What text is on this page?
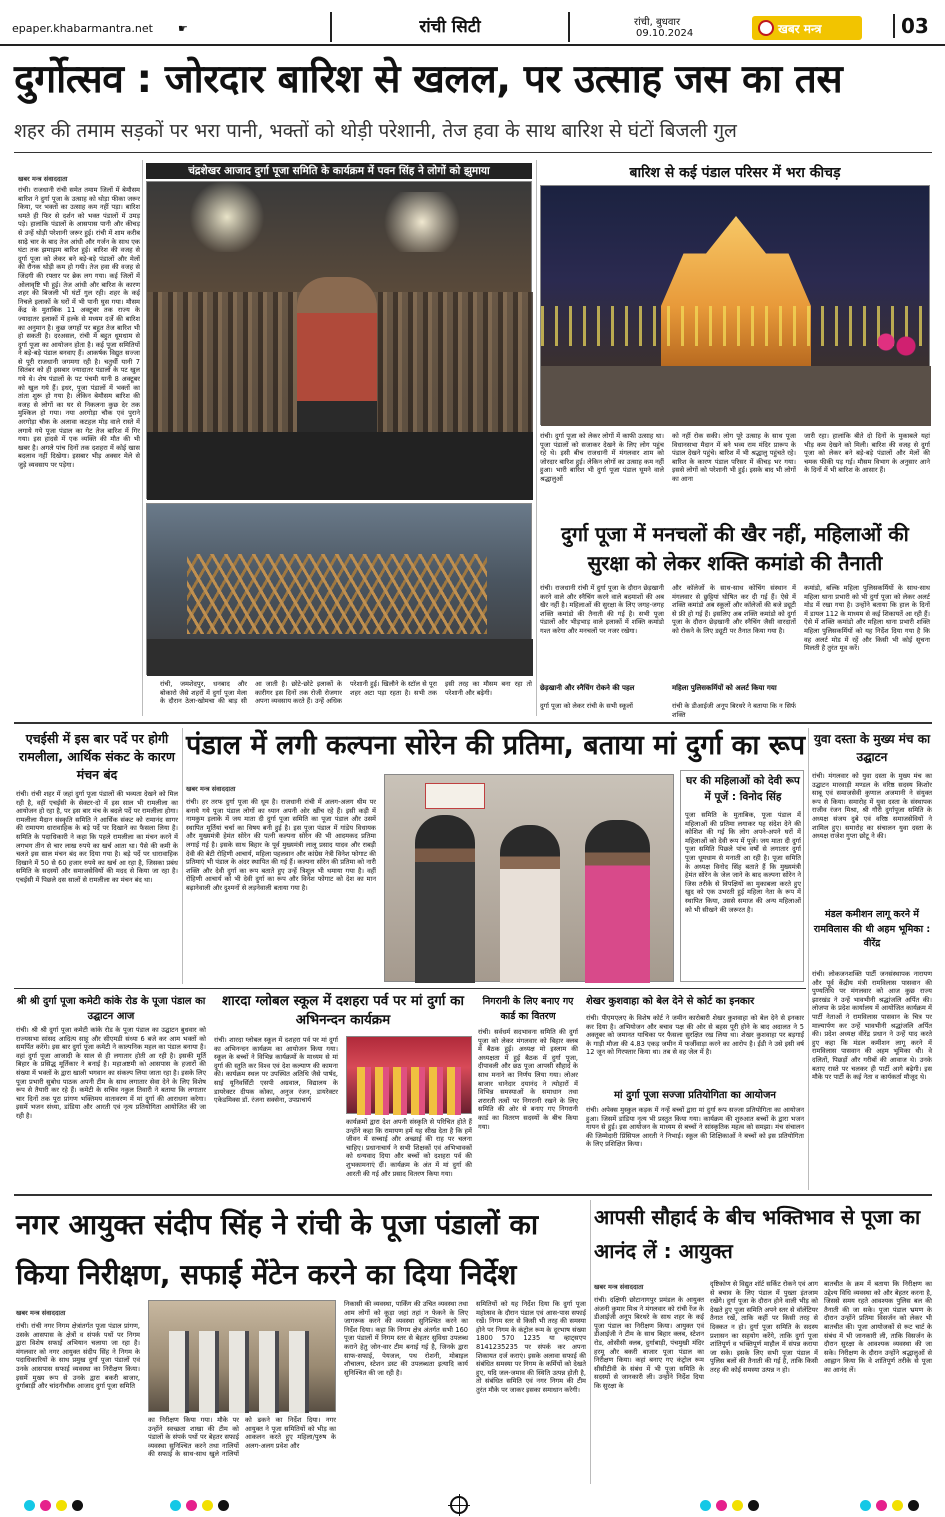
epaper.khabarmantra.net ☛	रांची सिटी	रांची, बुधवार
09.10.2024	खबर मन्त्र	03
दुर्गोत्सव : जोरदार बारिश से खलल, पर उत्साह जस का तस
शहर की तमाम सड़कों पर भरा पानी, भक्तों को थोड़ी परेशानी, तेज हवा के साथ बारिश से घंटों बिजली गुल
खबर मन्त्र संवाददाता
रांची। राजधानी रांची समेत तमाम जिलों में बेमौसम बारिश ने दुर्गा पूजा के उत्साह को थोड़ा फीका जरूर किया, पर भक्तों का उत्साह कम नहीं पड़ा। बारिश थमते ही फिर से दर्शन को भक्त पंडालों में उमड़ पड़े। हालांकि पंडालों के आसपास पानी और कीचड़ से उन्हें थोड़ी परेशानी जरूर हुई। रांची में शाम करीब साढ़े चार के बाद तेज आंधी और गर्जन के साथ एक घंटा तक झमाझम बारिश हुई। बारिश की वजह से दुर्गा पूजा को लेकर बने बड़े-बड़े पंडालों और मेलों की रौनक थोड़ी कम हो गयी। तेज हवा की वजह से जिंदगी की रफ्तार पर ब्रेक लग गया। कई जिलों में ओलावृष्टि भी हुई। तेज आंधी और बारिश के कारण शहर की बिजली भी घंटों गुल रही। शहर के कई निचले इलाकों के घरों में भी पानी घुस गया। मौसम केंद्र के मुताबिक 11 अक्टूबर तक राज्य के ज्यादातर इलाकों में हल्के से मध्यम दर्जे की बारिश का अनुमान है। कुछ जगहों पर बहुत तेज बारिश भी हो सकती है। दरअसल, रांची में बहुत धूमधाम से दुर्गा पूजा का आयोजन होता है। कई पूजा समितियों ने बड़े-बड़े पंडाल बनवाए हैं। आकर्षक विद्युत सज्जा से पूरी राजधानी जगमगा रही है। चतुर्थी यानी 7 सितंबर को ही इसबार ज्यादातर पंडालों के पट खुल गये थे। शेष पंडालों के पट पंचमी यानी 8 अक्टूबर को खुल गये हैं। इधर, पूजा पंडालों में भक्तों का तांता शुरू हो गया है। लेकिन बेमौसम बारिश की वजह से लोगों का घर से निकलना कुछ देर तक मुश्किल हो गया। नया अरगोड़ा चौक एवं पुराने अरगोड़ा चौक के अलावा कटहल मोड़ वाले रास्ते में लगाये गये पूजा पंडाल का गेट तेज बारिश में गिर गया। इस हादसे में एक व्यक्ति की मौत की भी खबर है। अगले पांच दिनों तक दशहरा में कोई खास बदलाव नहीं दिखेगा। इसबार भीड़ अक्सर मेले से जुड़े व्यवसाय पर पड़ेगा।
चंद्रशेखर आजाद दुर्गा पूजा समिति के कार्यक्रम में पवन सिंह ने लोगों को झुमाया	बारिश से कई पंडाल परिसर में भरा कीचड़
रांची। दुर्गा पूजा को लेकर लोगों में काफी उत्साह था। पूजा पंडालों को सजाकर देखने के लिए लोग पहुंच रहे थे। इसी बीच राजधानी में मंगलवार शाम को जोरदार बारिश हुई। लेकिन लोगों का उत्साह कम नहीं हुआ। भारी बारिश भी दुर्गा पूजा पंडाल घूमने वाले श्रद्धालुओं
को नहीं रोक सकी। लोग पूरे उत्साह के साथ पूजा विधानसभा मैदान में बने भव्य राम मंदिर प्रारूप के पंडाल देखने पहुंचे। बारिश में भी श्रद्धालु पहुंचते रहे। बारिश के कारण पंडाल परिसर में कीचड़ भर गया। इससे लोगों को परेशानी भी हुई। इसके बाद भी लोगों का आना
जारी रहा। हालांकि बीते दो दिनों के मुकाबले यहां भीड़ कम देखने को मिली। बारिश की वजह से दुर्गा पूजा को लेकर बने बड़े-बड़े पंडालों और मेलों की चमक फीकी पड़ गई। मौसम विभाग के अनुसार आने के दिनों में भी बारिश के आसार हैं।
रांची, जमशेदपुर, धनबाद और बोकारो जैसे शहरों में दुर्गा पूजा मेला के दौरान ठेला-खोमचा की बाड़ सी आ जाती है। छोटे-छोटे इलाकों के कारीगर इस दिनों तक रोजी रोजगार अपना व्यवसाय करते हैं। उन्हें अधिक परेशानी हुई। खिलौने के स्टॉल से पूरा शहर अटा पड़ा रहता है। सभी तक इसी तरह का मौसम बना रहा तो परेशानी और बढ़ेगी।
दुर्गा पूजा में मनचलों की खैर नहीं, महिलाओं की सुरक्षा को लेकर शक्ति कमांडो की तैनाती
रांची। राजधानी रांची में दुर्गा पूजा के दौरान छेड़खानी करने वाले और स्नैचिंग करने वाले बदमाशों की अब खैर नहीं है। महिलाओं की सुरक्षा के लिए जगह-जगह शक्ति कमांडो की तैनाती की गई है। सभी पूजा पंडालों और भीड़भाड़ वाले इलाकों में शक्ति कमांडो गश्त करेगा और मनचलों पर नजर रखेगा।
छेड़खानी और स्नैचिंग रोकने की पहल
दुर्गा पूजा को लेकर रांची के सभी स्कूलों
और कॉलेजों के साथ-साथ कोचिंग संस्थान में मंगलवार से छुट्टियां घोषित कर दी गई हैं। ऐसे में शक्ति कमांडो अब स्कूलों और कॉलेजों की बजे ड्यूटी से फ्री हो गई हैं। इसलिए अब शक्ति कमांडो को दुर्गा पूजा के दौरान छेड़खानी और स्नैचिंग जैसी वारदातों को रोकने के लिए ड्यूटी पर तैनात किया गया है।
महिला पुलिसकर्मियों को अलर्ट किया गया
रांची के डीआईजी अनूप बिरथरे ने बताया कि न सिर्फ शक्ति
कमांडो, बल्कि महिला पुलिसकर्मियों के साथ-साथ महिला थाना प्रभारी को भी दुर्गा पूजा को लेकर अलर्ट मोड में रखा गया है। उन्होंने बताया कि हाल के दिनों में डायल 112 के माध्यम से कई शिकायतें आ रही हैं। ऐसे में शक्ति कमांडो और महिला थाना प्रभारी शक्ति महिला पुलिसकर्मियों को यह निर्देश दिया गया है कि वह अलर्ट मोड में रहें और किसी भी कोई सूचना मिलती है तुरंत मूव करें।
एचईसी में इस बार पर्दे पर होगी रामलीला, आर्थिक संकट के कारण मंचन बंद
रांची। रांची शहर में जहां दुर्गा पूजा पंडालों की भव्यता देखने को मिल रही है, वहीं एचईसी के सेक्टर-दो में इस साल भी रामलीला का आयोजन हो रहा है, पर इस बार मंच के बदले पर्दे पर रामलीला होगा। रामलीला मैदान संस्कृति समिति ने आर्थिक संकट को रामानंद सागर की रामायण धारावाहिक के बड़े पर्दे पर दिखाने का फैसला लिया है। समिति के पदाधिकारी ने कहा कि पहले रामलीला का मंचन करने में लगभग तीन से चार लाख रुपये का खर्च आता था। पैसे की कमी के चलते इस साल मंचन बंद कर दिया गया है। बड़े पर्दे पर धारावाहिक दिखाने में 50 से 60 हजार रुपये का खर्च आ रहा है, जिसका प्रबंध समिति के सदस्यों और समाजसेवियों की मदद से किया जा रहा है। एचईसी में पिछले दस सालों से रामलीला का मंचन बंद था।
पंडाल में लगी कल्पना सोरेन की प्रतिमा, बताया मां दुर्गा का रूप
खबर मन्त्र संवाददाता
रांची। हर तरफ दुर्गा पूजा की धूम है। राजधानी रांची में अलग-अलग थीम पर बनाये गये पूजा पंडाल लोगों का ध्यान अपनी ओर खींच रहे हैं। इसी कड़ी में नामकुम इलाके में जय माता दी दुर्गा पूजा समिति का पूजा पंडाल और उसमें स्थापित मूर्तियां चर्चा का विषय बनी हुई है। इस पूजा पंडाल में गांडेय विधायक और मुख्यमंत्री हेमंत सोरेन की पत्नी कल्पना सोरेन की भी आदमकद प्रतिमा लगाई गई है। इसके साथ बिहार के पूर्व मुख्यमंत्री लालू प्रसाद यादव और राबड़ी देवी की बेटी रोहिणी आचार्य, महिला पहलवान और कांग्रेस नेत्री विनेश फोगाट की प्रतिमाएं भी पंडाल के अंदर स्थापित की गई हैं। कल्पना सोरेन की प्रतिमा को नारी शक्ति और देवी दुर्गा का रूप बताते हुए उन्हें त्रिशूल भी थमाया गया है। वहीं रोहिणी आचार्य को भी देवी दुर्गा का रूप और विनेश फोगाट को देश का मान बढ़ानेवाली और दुश्मनों से लड़नेवाली बताया गया है।
घर की महिलाओं को देवी रूप में पूजें : विनोद सिंह
पूजा समिति के मुताबिक, पूजा पंडाल में महिलाओं की प्रतिमा लगाकर यह संदेश देने की कोशिश की गई कि लोग अपने-अपने घरों में महिलाओं को देवी रूप में पूजें। जय माता दी दुर्गा पूजा समिति पिछले पांच वर्षों से लगातार दुर्गा पूजा धूमधाम से मनाती आ रही है। पूजा समिति के अध्यक्ष विनोद सिंह बताते हैं कि मुख्यमंत्री हेमंत सोरेन के जेल जाने के बाद कल्पना सोरेन ने जिस तरीके से विपक्षियों का मुकाबला करते हुए खुद को एक उभरती हुई महिला नेता के रूप में स्थापित किया, उससे समाज की अन्य महिलाओं को भी सीखने की जरूरत है।
युवा दस्ता के मुख्य मंच का उद्घाटन
रांची। मंगलवार को युवा दस्ता के मुख्य मंच का उद्घाटन मारवाड़ी मण्डल के वरिष्ठ सदस्य किशोर साबू एवं समाजसेवी कुणाल अजमानी ने संयुक्त रूप से किया। समारोह में युवा दस्ता के संस्थापक राजीव रंजन मिश्रा, श्री गौरी दुर्गापूजा समिति के अध्यक्ष संजय दुबे एवं वरिष्ठ समाजसेवियों ने शामिल हुए। समारोह का संचालन युवा दस्ता के अध्यक्ष राजेश गुप्ता छोटू ने की।
मंडल कमीशन लागू करने में रामविलास की थी अहम भूमिका : वीरेंद्र
रांची। लोकजनशक्ति पार्टी जनसंस्थापक नारायण और पूर्व केंद्रीय मंत्री रामविलास पासवान की पुण्यतिथि पर मंगलवार को आज कुछ राज्य झारखंड ने उन्हें भावभीनी श्रद्धांजलि अर्पित की। लोजपा के प्रदेश कार्यालय में आयोजित कार्यक्रम में पार्टी नेताओं ने रामविलास पासवान के चित्र पर माल्यार्पण कर उन्हें भावभीनी श्रद्धांजलि अर्पित की। प्रदेश अध्यक्ष वीरेंद्र प्रधान ने उन्हें याद करते हुए कहा कि मंडल कमीशन लागू करने में रामविलास पासवान की अहम भूमिका थी। वे दलितों, पिछड़ों और गरीबों की आवाज थे। उनके बताए रास्ते पर चलकर ही पार्टी आगे बढ़ेगी। इस मौके पर पार्टी के कई नेता व कार्यकर्ता मौजूद थे।
श्री श्री दुर्गा पूजा कमेटी कांके रोड के पूजा पंडाल का उद्घाटन आज
रांची। श्री श्री दुर्गा पूजा कमेटी कांके रोड के पूजा पंडाल का उद्घाटन बुधवार को राज्यसभा सांसद आदित्य साहू और सीएमडी संध्या 6 बजे कर आम भक्तों को समर्पित करेंगे। इस बार दुर्गा पूजा कमेटी ने काल्पनिक महल का पंडाल बनाया है। वहां दुर्गा पूजा आजादी के साल से ही लगातार होती आ रही है। इसकी मूर्ति बिहार के प्रसिद्ध मूर्तिकार ने बनाई है। महाअष्टमी को आसपास के हजारों की संख्या में भक्तों के द्वारा खाली भगवान का संकल्प लिया जाता रहा है। इसके लिए पूजा प्रभारी सुबोध पाठक अपनी टीम के साथ लगातार सेवा देने के लिए विशेष रूप से तैयारी कर रहे हैं। कमेटी के सचिव नकुल तिवारी ने बताया कि लगातार चार दिनों तक पूरा प्रांगण भक्तिमय वातावरण में मां दुर्गा की आराधना करेगा। इसमें भजन संध्या, डांडिया और आरती एवं नृत्य प्रतियोगिता आयोजित की जा रही है।
शारदा ग्लोबल स्कूल में दशहरा पर्व पर मां दुर्गा का अभिनन्दन कार्यक्रम
रांची। शारदा ग्लोबल स्कूल में दशहरा पर्व पर मां दुर्गा का अभिनन्दन कार्यक्रम का आयोजन किया गया। स्कूल के बच्चों ने विभिन्न कार्यक्रमों के माध्यम से मां दुर्गा की स्तुति कर विश्व एवं देश कल्याण की कामना की। कार्यक्रम स्थल पर उपस्थित अतिथि जैसे पार्षद, साई यूनिवर्सिटी एसपी अग्रवाल, विद्यालय के डायरेक्टर दीपक कोका, अनुज रंजन, डायरेक्टर एकेडमिक्स डॉ. रंजना सक्सेना, उपप्राचार्य
कार्यक्रमों द्वारा देश अपनी संस्कृति से परिचित होते हैं उन्होंने कहा कि रामायण हमें यह सीख देता है कि हमें जीवन में सच्चाई और अच्छाई की राह पर चलना चाहिए। प्रधानाचार्य ने सभी शिक्षकों एवं अभिभावकों को धन्यवाद दिया और बच्चों को दशहरा पर्व की शुभकामनाएं दीं। कार्यक्रम के अंत में मां दुर्गा की आरती की गई और प्रसाद वितरण किया गया।
निगरानी के लिए बनाए गए कार्ड का वितरण
रांची। सर्वधर्म सदभावना समिति की दुर्गा पूजा को लेकर मंगलवार को बिहार क्लब में बैठक हुई। अध्यक्ष मो इस्लाम की अध्यक्षता में हुई बैठक में दुर्गा पूजा, दीपावली और छठ पूजा आपसी सौहार्द के साथ मनाने का निर्णय लिया गया। लोअर बाजार थानेदार दयानंद ने त्योहारों में विभिन्न समस्याओं के समाधान तथा शरारती तत्वों पर निगरानी रखने के लिए समिति की ओर से बनाए गए निगरानी कार्ड का वितरण सदस्यों के बीच किया गया।
शेखर कुशवाहा को बेल देने से कोर्ट का इनकार
रांची। पीएमएलए के विशेष कोर्ट ने जमीन कारोबारी शेखर कुशवाहा को बेल देने से इनकार कर दिया है। अभियोजन और बचाव पक्ष की ओर से बहस पूरी होने के बाद अदालत ने 5 अक्तूबर को जमानत याचिका पर फैसला सुरक्षित रख लिया था। शेखर कुशवाहा पर बड़गाईं के गाड़ी मौजा की 4.83 एकड़ जमीन में फर्जीवाड़ा करने का आरोप है। ईडी ने उसे इसी वर्ष 12 जून को गिरफ्तार किया था। तब से वह जेल में है।
मां दुर्गा पूजा सज्जा प्रतियोगिता का आयोजन
रांची। अपेक्स मुस्कुल कड़क में नन्हें बच्चों द्वारा मां दुर्गा रूप सज्जा प्रतियोगिता का आयोजन हुआ। जिसमें डांडिया नृत्य भी प्रस्तुत किया गया। कार्यक्रम की शुरुआत बच्चों के द्वारा भजन गायन से हुई। इस आयोजन के माध्यम से बच्चों ने सांस्कृतिक महत्व को समझा। मंच संचालन की जिम्मेदारी प्रिंसिपल आरती ने निभाई। स्कूल की शिक्षिकाओं ने बच्चों को इस प्रतियोगिता के लिए प्रशिक्षित किया।
नगर आयुक्त संदीप सिंह ने रांची के पूजा पंडालों का किया निरीक्षण, सफाई मेंटेन करने का दिया निर्देश
खबर मन्त्र संवाददाता
रांची। रांची नगर निगम क्षेत्रांतर्गत पूजा पंडाल प्रांगण, उसके आसपास के क्षेत्रों व संपर्क पथों पर निगम द्वारा विशेष सफाई अभियान चलाया जा रहा है। मंगलवार को नगर आयुक्त संदीप सिंह ने निगम के पदाधिकारियों के साथ प्रमुख दुर्गा पूजा पंडालों एवं उनके आसपास सफाई व्यवस्था का निरीक्षण किया। इसमें मुख्य रूप से उनके द्वारा बकरी बाजार, दुर्गाबाड़ी और चांदनीचौक आजाद दुर्गा पूजा समिति
का निरीक्षण किया गया। मौके पर उन्होंने स्वच्छता शाखा की टीम को पंडालों के संपर्क पथों पर बेहतर सफाई व्यवस्था सुनिश्चित करने तथा नालियों की सफाई के साथ-साथ खुले नालियों को ढकने का निर्देश दिया। नगर आयुक्त ने पूजा समितियों को भीड़ का आकलन करते हुए महिला/पुरुष के अलग-अलग प्रवेश और
निकासी की व्यवस्था, पार्किंग की उचित व्यवस्था तथा आम लोगों को कूड़ा जहां तहां न फेकने के लिए जागरूक करने की व्यवस्था सुनिश्चित करने का निर्देश दिया। कहा कि निगम क्षेत्र अंतर्गत सभी 160 पूजा पंडालों में निगम स्तर से बेहतर सुविधा उपलब्ध कराने हेतु जोन-वार टीम बनाई गई है, जिनके द्वारा साफ-सफाई, पेयजल, पथ रोशनी, मोबाइल शौचालय, स्टेशन डस्ट की उपलब्धता इत्यादि कार्य सुनिश्चित की जा रही है।
समितियों को यह निर्देश दिया कि दुर्गा पूजा महोत्सव के दौरान पंडाल एवं आस-पास सफाई रखें। निगम स्तर से किसी भी तरह की समस्या होने पर निगम के कंट्रोल रूम के दूरभाष संख्या 1800 570 1235 या व्हाट्सएप 8141235235 पर संपर्क कर अपना शिकायत दर्ज कराएं। इसके अलावा सफाई की संबंधित समस्या पर निगम के कर्मियों को देखते हुए, यदि जल-जमाव की स्थिति उत्पन्न होती है, तो संबंधित समिति एवं नगर निगम की टीम तुरंत मौके पर जाकर इसका समाधान करेगी।
आपसी सौहार्द के बीच भक्तिभाव से पूजा का आनंद लें : आयुक्त
खबर मन्त्र संवाददाता
रांची। दक्षिणी छोटानागपुर प्रमंडल के आयुक्त अंजनी कुमार मिश्र ने मंगलवार को रांची रेंज के डीआईजी अनूप बिरथरे के साथ शहर के कई पूजा पंडाल का निरीक्षण किया। आयुक्त एवं डीआईजी ने टीम के साथ बिहार क्लब, स्टेशन रोड, ओसीसी क्लब, दुर्गाबाड़ी, पंचमुखी मंदिर हरमू और बकरी बाजार पूजा पंडाल का निरीक्षण किया। कहां बनाए गए कंट्रोल रूम सीसीटीवी के संबंध में भी पूजा समिति के सदस्यों से जानकारी ली। उन्होंने निर्देश दिया कि सुरक्षा के
दृष्टिकोण से विद्युत शॉर्ट सर्किट रोकने एवं आग से बचाव के लिए पंडाल में पुख्ता इंतजाम रखेंगे। दुर्गा पूजा के दौरान होने वाली भीड़ को देखते हुए पूजा समिति अपने स्तर से वॉलेंटियर तैनात रखें, ताकि कहीं पर किसी तरह से दिक्कत न हो। दुर्गा पूजा समिति के सदस्य प्रशासन का सहयोग करेंगे, ताकि दुर्गा पूजा शांतिपूर्ण व भक्तिपूर्ण माहौल में संपन्न कराया जा सके। इसके लिए सभी पूजा पंडाल में पुलिस बलों की तैनाती की गई है, ताकि किसी तरह की कोई समस्या उत्पन्न न हो।
बातचीत के क्रम में बताया कि निरीक्षण का उद्देश्य विधि व्यवस्था को और बेहतर करना है, जिससे समय रहते आवश्यक पुलिस बल की तैनाती की जा सके। पूजा पंडाल भ्रमण के दौरान उन्होंने प्रतिमा विसर्जन को लेकर भी बातचीत की। पूजा आयोजकों से रूट चार्ट के संबंध में भी जानकारी ली, ताकि विसर्जन के दौरान सुरक्षा के आवश्यक व्यवस्था की जा सके। निरीक्षण के दौरान उन्होंने श्रद्धालुओं से आह्वान किया कि वे शांतिपूर्ण तरीके से पूजा का आनंद लें।
